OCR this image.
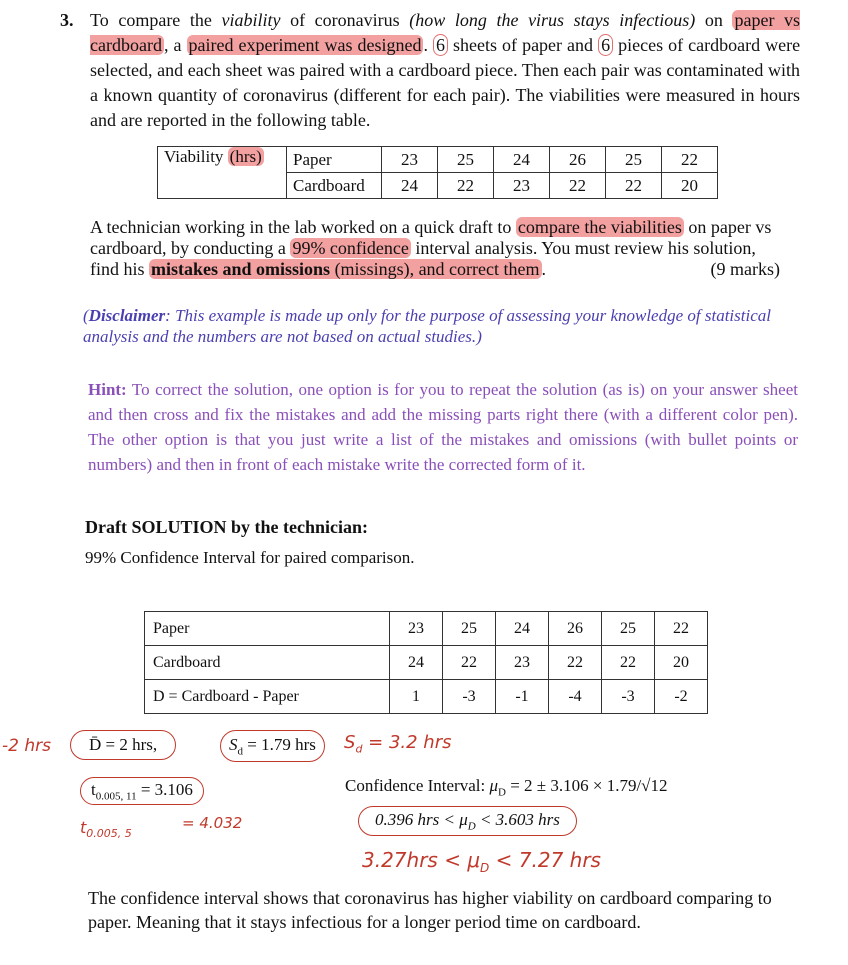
3. To compare the viability of coronavirus (how long the virus stays infectious) on paper vs cardboard , a paired experiment was designed . 6 sheets of paper and 6 pieces of cardboard were selected, and each sheet was paired with a cardboard piece. Then each pair was contaminated with a known quantity of coronavirus (different for each pair). The viabilities were measured in hours and are reported in the following table.
Viability (hrs)	Paper	23	25	24	26	25	22
	Cardboard	24	22	23	22	22	20
A technician working in the lab worked on a quick draft to compare the viabilities on paper vs cardboard, by conducting a 99% confidence interval analysis. You must review his solution, find his mistakes and omissions (missings), and correct them .	(9 marks)
(Disclaimer: This example is made up only for the purpose of assessing your knowledge of statistical analysis and the numbers are not based on actual studies.)
Hint: To correct the solution, one option is for you to repeat the solution (as is) on your answer sheet and then cross and fix the mistakes and add the missing parts right there (with a different color pen). The other option is that you just write a list of the mistakes and omissions (with bullet points or numbers) and then in front of each mistake write the corrected form of it.
Draft SOLUTION by the technician:
99% Confidence Interval for paired comparison.
Paper	23	25	24	26	25	22
Cardboard	24	22	23	22	22	20
D = Cardboard - Paper	1	-3	-1	-4	-3	-2
-2 hrs	D̄ = 2 hrs,	$S_d = 1.79$ hrs	$S_d = 3.2$ hrs
$t_{0.005, 11} = 3.106$
$t_{0.005, 5}$
= 4.032
Confidence Interval: $\mu_D = 2 \pm 3.106 \times 1.79/√12$
0.396 hrs < $\mu_D < 3.603$ hrs
$3.27hrs < \mu_D < 7.27$ hrs
The confidence interval shows that coronavirus has higher viability on cardboard comparing to paper. Meaning that it stays infectious for a longer period time on cardboard.
